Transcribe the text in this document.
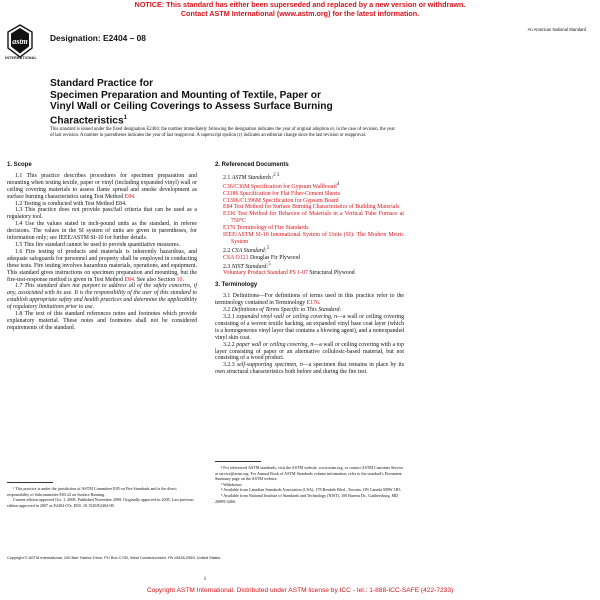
NOTICE: This standard has either been superseded and replaced by a new version or withdrawn.
Contact ASTM International (www.astm.org) for the latest information.
astm
INTERNATIONAL
Designation: E2404 – 08
An American National Standard
Standard Practice for
Specimen Preparation and Mounting of Textile, Paper or
Vinyl Wall or Ceiling Coverings to Assess Surface Burning
Characteristics$^1$
This standard is issued under the fixed designation E2404; the number immediately following the designation indicates the year of original adoption or, in the case of revision, the year of last revision. A number in parentheses indicates the year of last reapproval. A superscript epsilon (ε) indicates an editorial change since the last revision or reapproval.
1. Scope

1.1 This practice describes procedures for specimen preparation and mounting when testing textile, paper or vinyl (including expanded vinyl) wall or ceiling covering materials to assess flame spread and smoke development as surface burning characteristics using Test Method E84.

1.2 Testing is conducted with Test Method E84.

1.3 This practice does not provide pass/fail criteria that can be used as a regulatory tool.

1.4 Use the values stated in inch-pound units as the standard, in referee decisions. The values in the SI system of units are given in parentheses, for information only; see IEEE/ASTM SI-10 for further details.

1.5 This fire standard cannot be used to provide quantitative measures.

1.6 Fire testing of products and materials is inherently hazardous, and adequate safeguards for personnel and property shall be employed in conducting these tests. Fire testing involves hazardous materials, operations, and equipment. This standard gives instructions on specimen preparation and mounting, but the fire-test-response method is given in Test Method E84. See also Section 10.

1.7 This standard does not purport to address all of the safety concerns, if any, associated with its use. It is the responsibility of the user of this standard to establish appropriate safety and health practices and determine the applicability of regulatory limitations prior to use.

1.8 The text of this standard references notes and footnotes which provide explanatory material. These notes and footnotes shall not be considered requirements of the standard.

2. Referenced Documents

2.1 ASTM Standards:$^{2 3}$

C36/C36M Specification for Gypsum Wallboard$^4$
C1186 Specification for Flat Fiber-Cement Sheets
C1396/C1396M Specification for Gypsum Board
E84 Test Method for Surface Burning Characteristics of Building Materials
E136 Test Method for Behavior of Materials in a Vertical Tube Furnace at 750°C
E176 Terminology of Fire Standards
IEEE/ASTM SI-10 International System of Units (SI): The Modern Metric System

2.2 CSA Standard:$^5$

CSA O121 Douglas Fir Plywood

2.3 NIST Standard:$^5$

Voluntary Product Standard PS 1-07 Structural Plywood
3. Terminology

3.1 Definitions—For definitions of terms used in this practice refer to the terminology contained in Terminology E176.

3.2 Definitions of Terms Specific to This Standard:

3.2.1 expanded vinyl wall or ceiling covering, n—a wall or ceiling covering consisting of a woven textile backing, an expanded vinyl base coat layer (which is a homogeneous vinyl layer that contains a blowing agent), and a nonexpanded vinyl skin coat.

3.2.2 paper wall or ceiling covering, n—a wall or ceiling covering with a top layer consisting of paper or an alternative cellulosic-based material, but not consisting of a wood product.

3.2.3 self-supporting specimen, n—a specimen that remains in place by its own structural characteristics both before and during the fire test.

¹ This practice is under the jurisdiction of ASTM Committee E05 on Fire Standards and is the direct responsibility of Subcommittee E05.22 on Surface Burning.

Current edition approved Oct. 1, 2008. Published November 2008. Originally approved in 2005. Last previous edition approved in 2007 as E2404-07a. DOI: 10.1520/E2404-08.

² For referenced ASTM standards, visit the ASTM website, www.astm.org, or contact ASTM Customer Service at service@astm.org. For Annual Book of ASTM Standards volume information, refer to the standard's Document Summary page on the ASTM website.

³ Withdrawn.

⁴ Available from Canadian Standards Association (CSA), 178 Rexdale Blvd., Toronto, ON Canada M9W 1R3.

⁵ Available from National Institute of Standards and Technology (NIST), 100 Bureau Dr., Gaithersburg, MD 20899-3460.

Copyright © ASTM International, 100 Barr Harbor Drive, PO Box C700, West Conshohocken, PA 19428-2959, United States.
1
Copyright ASTM International. Distributed under ASTM license by ICC - tel.: 1-888-ICC-SAFE (422-7233)
